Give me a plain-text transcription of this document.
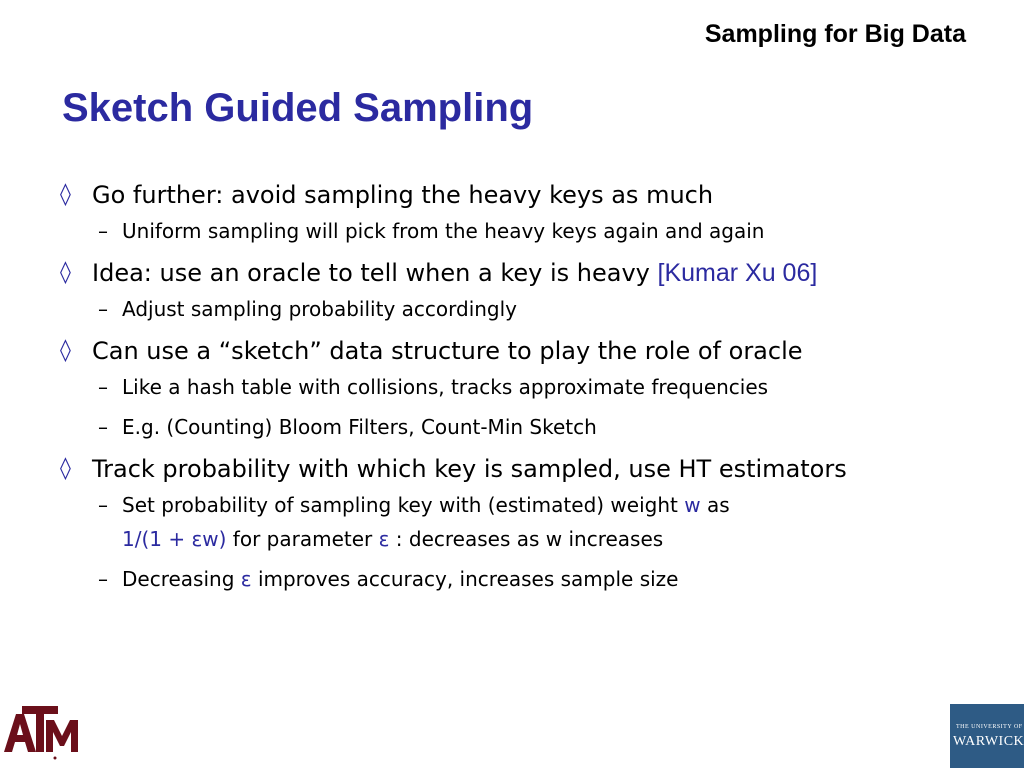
Sampling for Big Data
Sketch Guided Sampling
◊ Go further: avoid sampling the heavy keys as much
– Uniform sampling will pick from the heavy keys again and again
◊ Idea: use an oracle to tell when a key is heavy [Kumar Xu 06]
– Adjust sampling probability accordingly
◊ Can use a “sketch” data structure to play the role of oracle
– Like a hash table with collisions, tracks approximate frequencies
– E.g. (Counting) Bloom Filters, Count-Min Sketch
◊ Track probability with which key is sampled, use HT estimators
– Set probability of sampling key with (estimated) weight w as
1/(1 + εw) for parameter ε : decreases as w increases
– Decreasing ε improves accuracy, increases sample size
THE UNIVERSITY OF
WARWICK
